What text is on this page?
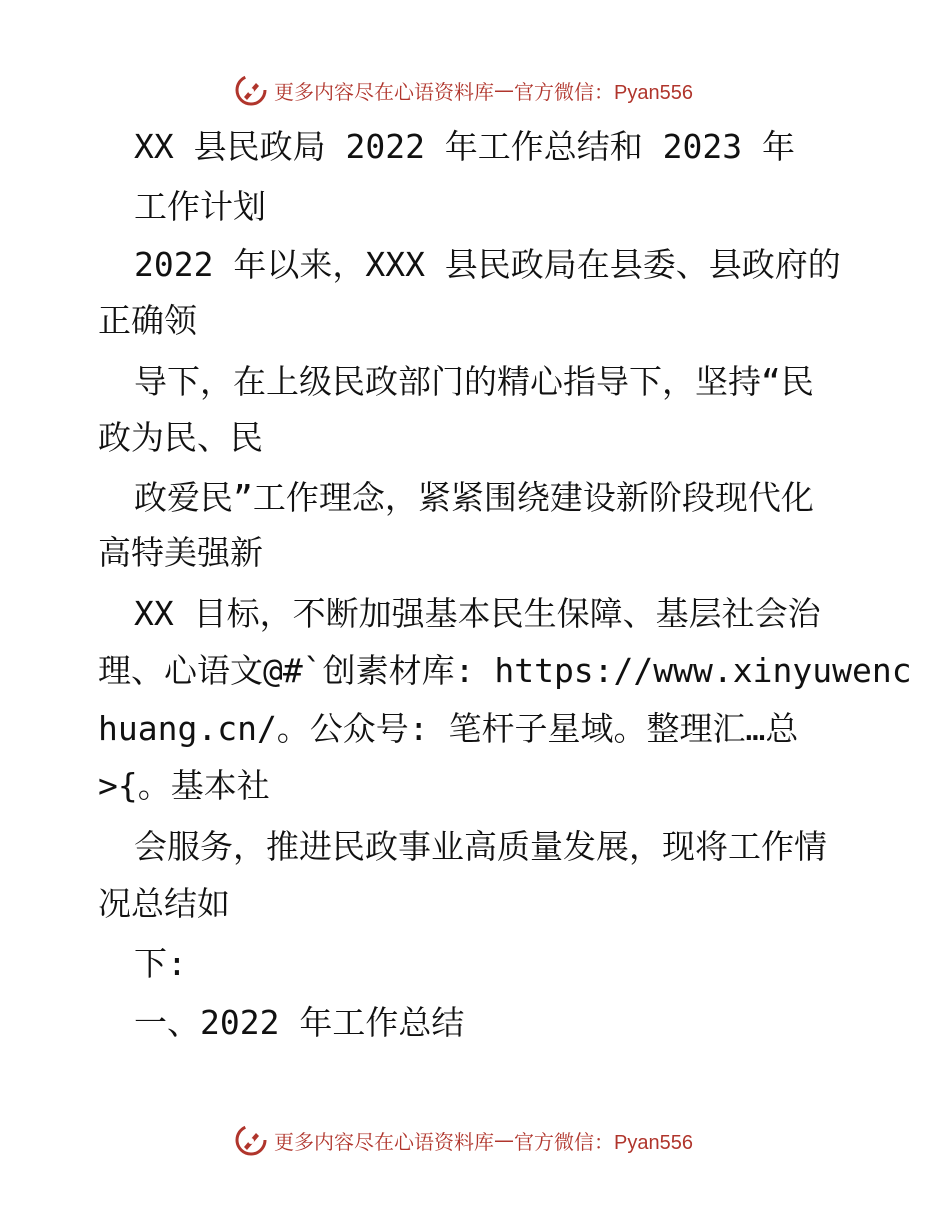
更多内容尽在心语资料库 — 官方微信：Pyan556
XX 县民政局 2022 年工作总结和 2023 年
工作计划
2022 年以来，XXX 县民政局在县委、县政府的
正确领
导下，在上级民政部门的精心指导下，坚持“民
政为民、民
政爱民”工作理念，紧紧围绕建设新阶段现代化
高特美强新
XX 目标，不断加强基本民生保障、基层社会治
理、心语文@#`创素材库: https://www.xinyuwenc
huang.cn/。公众号: 笔杆子星域。整理汇…总
>{。基本社
会服务，推进民政事业高质量发展，现将工作情
况总结如
下:
一、2022 年工作总结
更多内容尽在心语资料库 — 官方微信：Pyan556
